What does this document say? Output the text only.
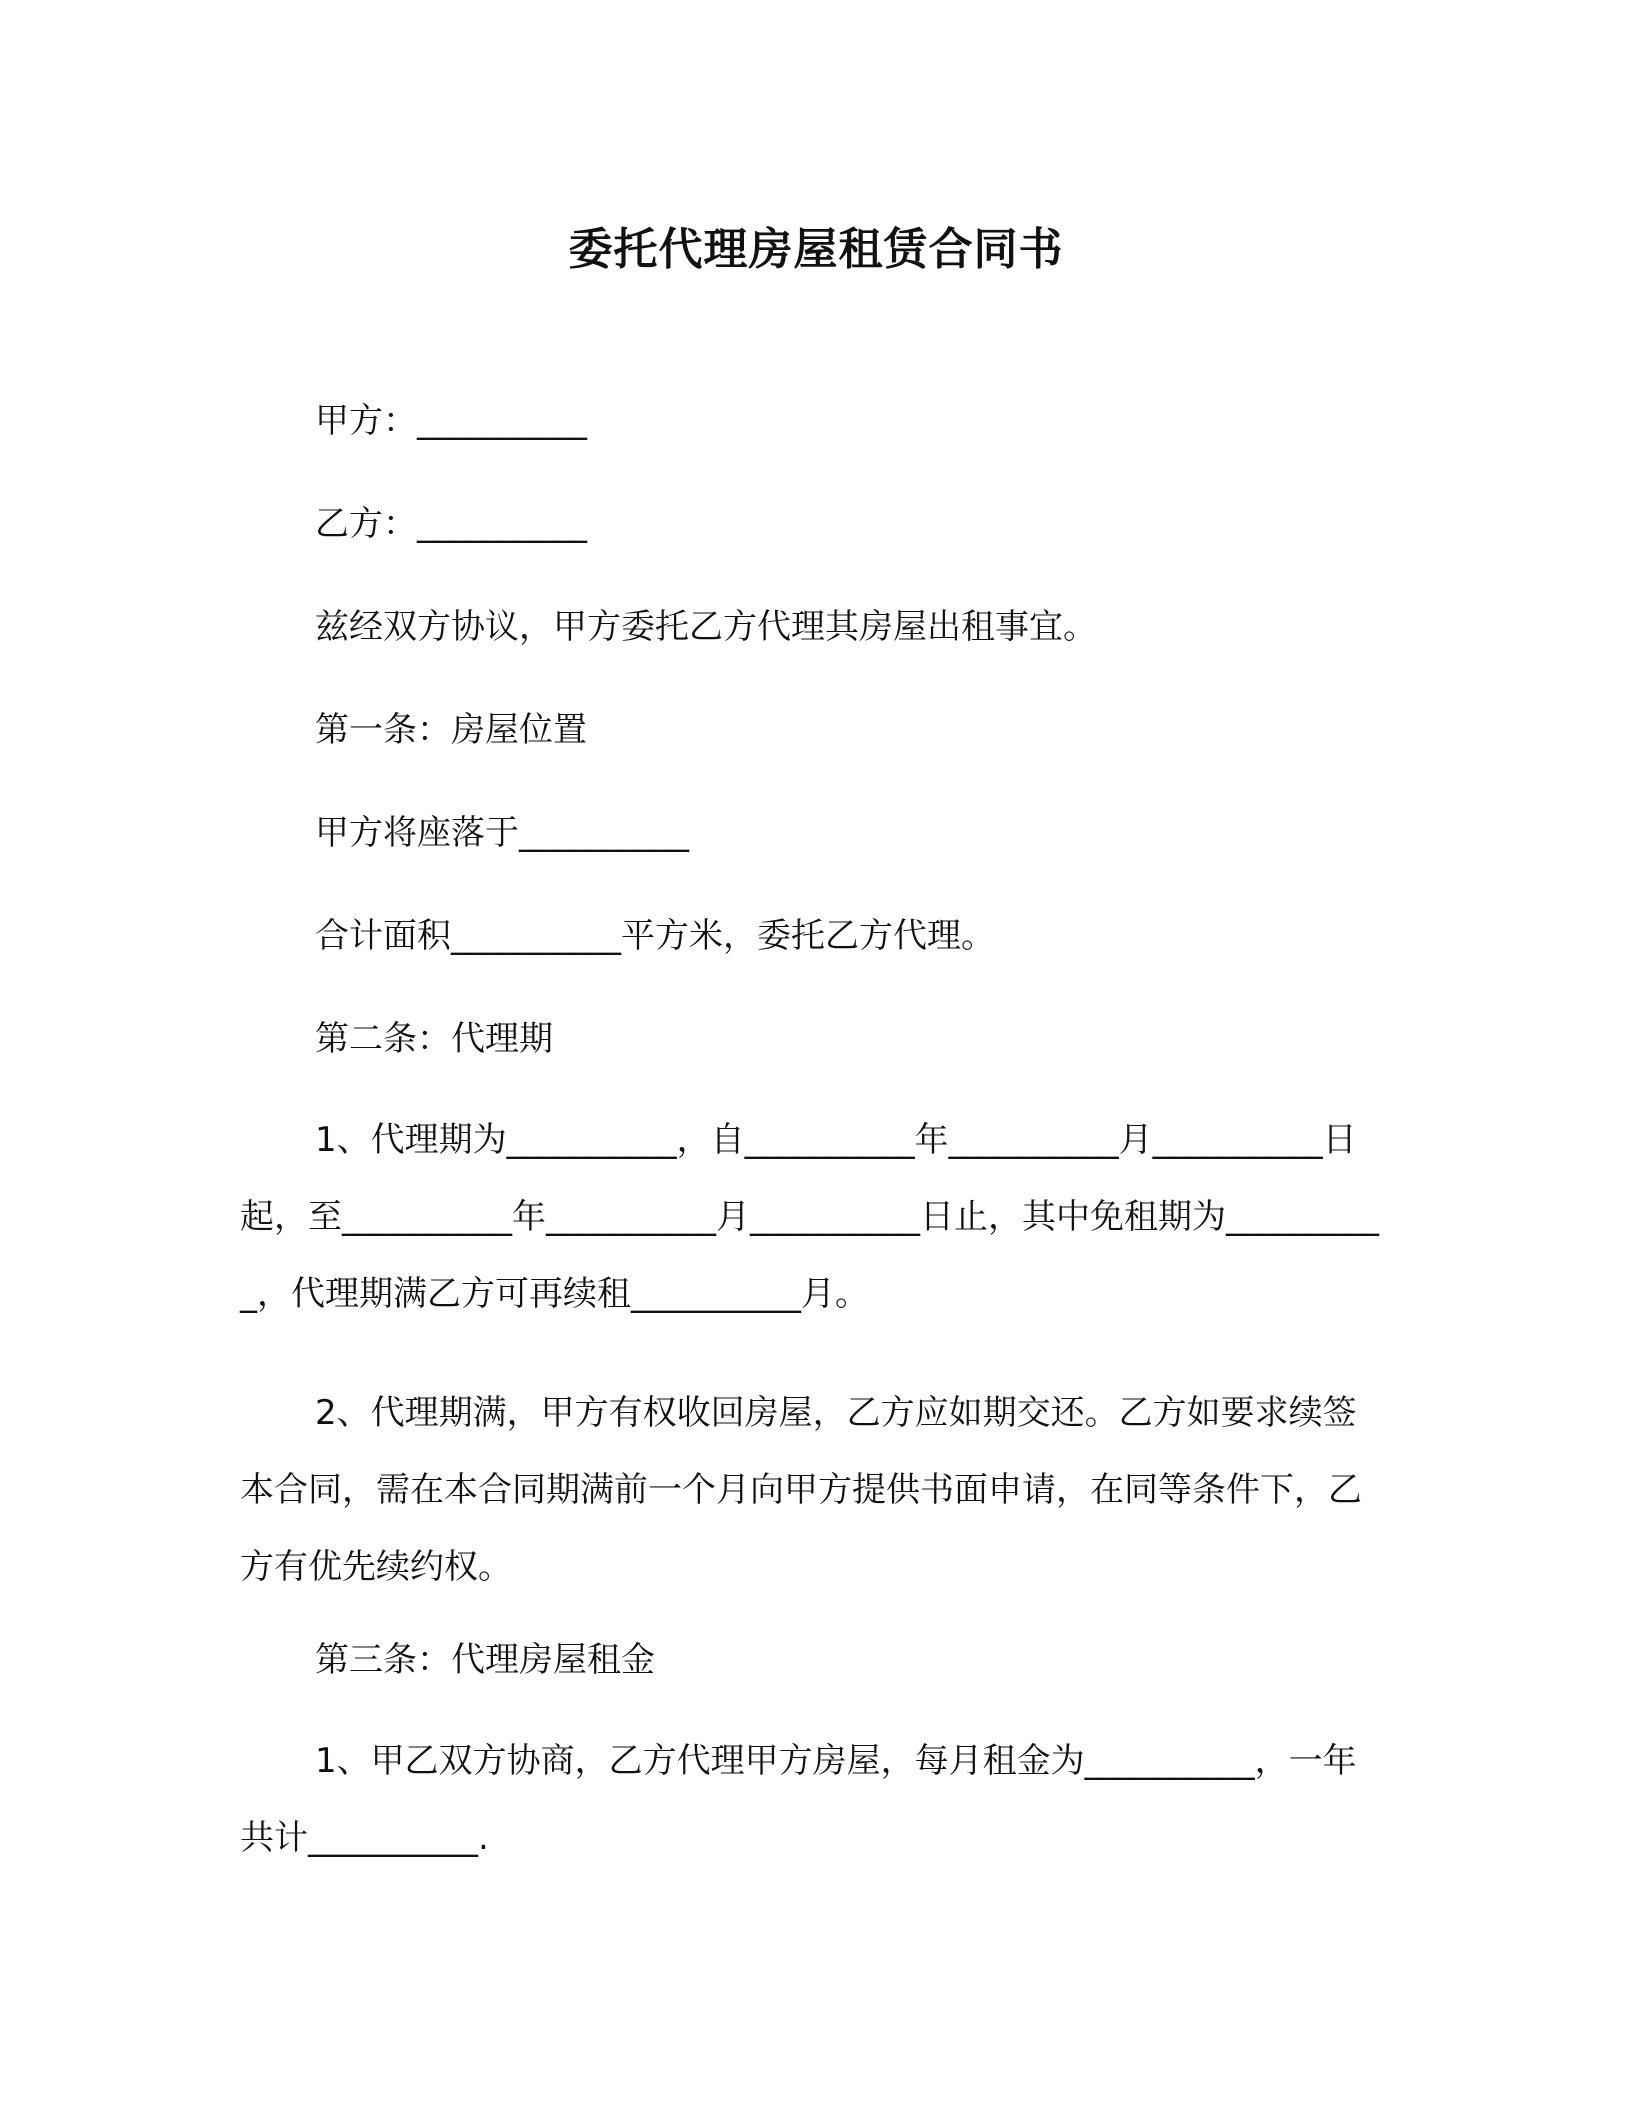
委托代理房屋租赁合同书

甲方：__________

乙方：__________

兹经双方协议，甲方委托乙方代理其房屋出租事宜。

第一条：房屋位置

甲方将座落于__________

合计面积__________平方米，委托乙方代理。

第二条：代理期

1、代理期为__________，自__________年__________月__________日起，至__________年__________月__________日止，其中免租期为__________，代理期满乙方可再续租__________月。

2、代理期满，甲方有权收回房屋，乙方应如期交还。乙方如要求续签本合同，需在本合同期满前一个月向甲方提供书面申请，在同等条件下，乙方有优先续约权。

第三条：代理房屋租金

1、甲乙双方协商，乙方代理甲方房屋，每月租金为__________，一年共计__________.
